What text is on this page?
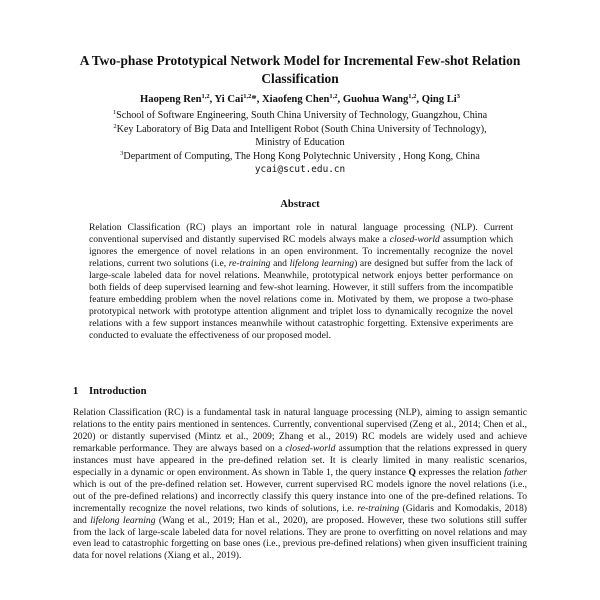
A Two-phase Prototypical Network Model for Incremental Few-shot Relation Classification
Haopeng Ren$^{1,2}$, Yi Cai$^{1,2}$*, Xiaofeng Chen$^{1,2}$, Guohua Wang$^{1,2}$, Qing Li$^3$
$^1$School of Software Engineering, South China University of Technology, Guangzhou, China
$^2$Key Laboratory of Big Data and Intelligent Robot (South China University of Technology),
Ministry of Education
$^3$Department of Computing, The Hong Kong Polytechnic University , Hong Kong, China
ycai@scut.edu.cn
Abstract
Relation Classification (RC) plays an important role in natural language processing (NLP). Current conventional supervised and distantly supervised RC models always make a closed-world assumption which ignores the emergence of novel relations in an open environment. To incrementally recognize the novel relations, current two solutions (i.e, re-training and lifelong learning) are designed but suffer from the lack of large-scale labeled data for novel relations. Meanwhile, prototypical network enjoys better performance on both fields of deep supervised learning and few-shot learning. However, it still suffers from the incompatible feature embedding problem when the novel relations come in. Motivated by them, we propose a two-phase prototypical network with prototype attention alignment and triplet loss to dynamically recognize the novel relations with a few support instances meanwhile without catastrophic forgetting. Extensive experiments are conducted to evaluate the effectiveness of our proposed model.
1 Introduction
Relation Classification (RC) is a fundamental task in natural language processing (NLP), aiming to assign semantic relations to the entity pairs mentioned in sentences. Currently, conventional supervised (Zeng et al., 2014; Chen et al., 2020) or distantly supervised (Mintz et al., 2009; Zhang et al., 2019) RC models are widely used and achieve remarkable performance. They are always based on a closed-world assumption that the relations expressed in query instances must have appeared in the pre-defined relation set. It is clearly limited in many realistic scenarios, especially in a dynamic or open environment. As shown in Table 1, the query instance Q expresses the relation father which is out of the pre-defined relation set. However, current supervised RC models ignore the novel relations (i.e., out of the pre-defined relations) and incorrectly classify this query instance into one of the pre-defined relations. To incrementally recognize the novel relations, two kinds of solutions, i.e. re-training (Gidaris and Komodakis, 2018) and lifelong learning (Wang et al., 2019; Han et al., 2020), are proposed. However, these two solutions still suffer from the lack of large-scale labeled data for novel relations. They are prone to overfitting on novel relations and may even lead to catastrophic forgetting on base ones (i.e., previous pre-defined relations) when given insufficient training data for novel relations (Xiang et al., 2019).
